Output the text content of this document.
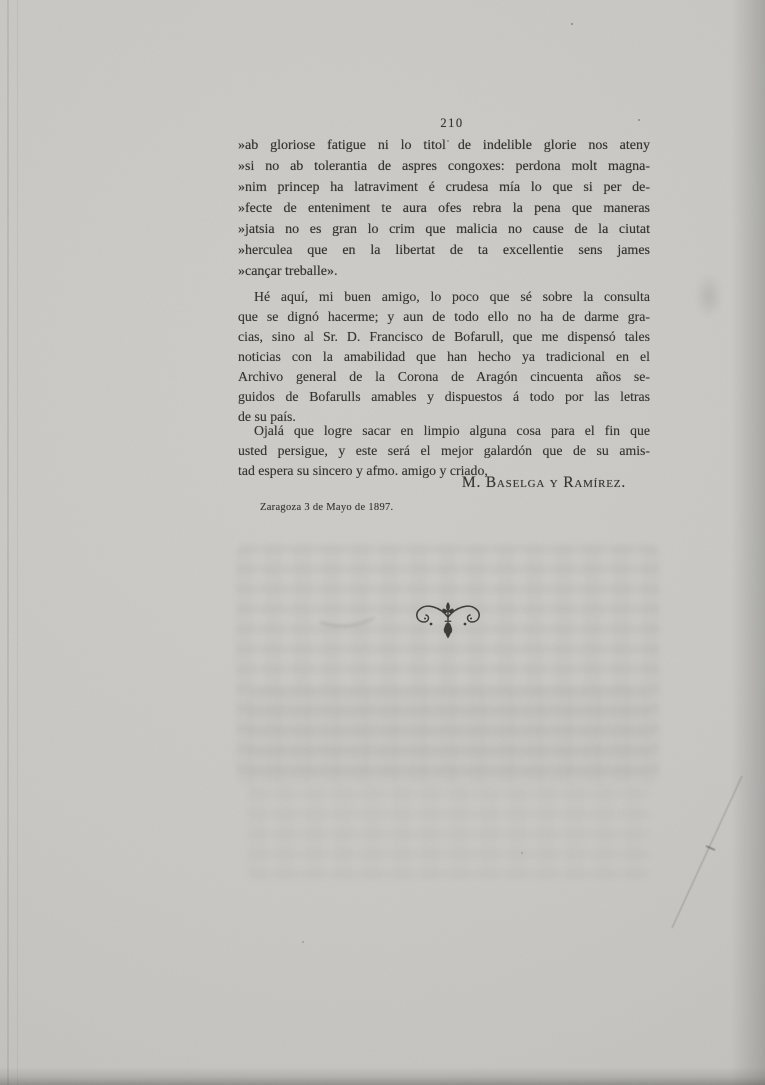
210
»ab gloriose fatigue ni lo titol de indelible glorie nos ateny
»si no ab tolerantia de aspres congoxes: perdona molt magna-
»nim princep ha latraviment é crudesa mía lo que si per de-
»fecte de enteniment te aura ofes rebra la pena que maneras
»jatsia no es gran lo crim que malicia no cause de la ciutat
»herculea que en la libertat de ta excellentie sens james
»cançar treballe».
Hé aquí, mi buen amigo, lo poco que sé sobre la consulta
que se dignó hacerme; y aun de todo ello no ha de darme gra-
cias, sino al Sr. D. Francisco de Bofarull, que me dispensó tales
noticias con la amabilidad que han hecho ya tradicional en el
Archivo general de la Corona de Aragón cincuenta años se-
guidos de Bofarulls amables y dispuestos á todo por las letras
de su país.
Ojalá que logre sacar en limpio alguna cosa para el fin que
usted persigue, y este será el mejor galardón que de su amis-
tad espera su sincero y afmo. amigo y criado,
M. Baselga y Ramírez.
Zaragoza 3 de Mayo de 1897.
